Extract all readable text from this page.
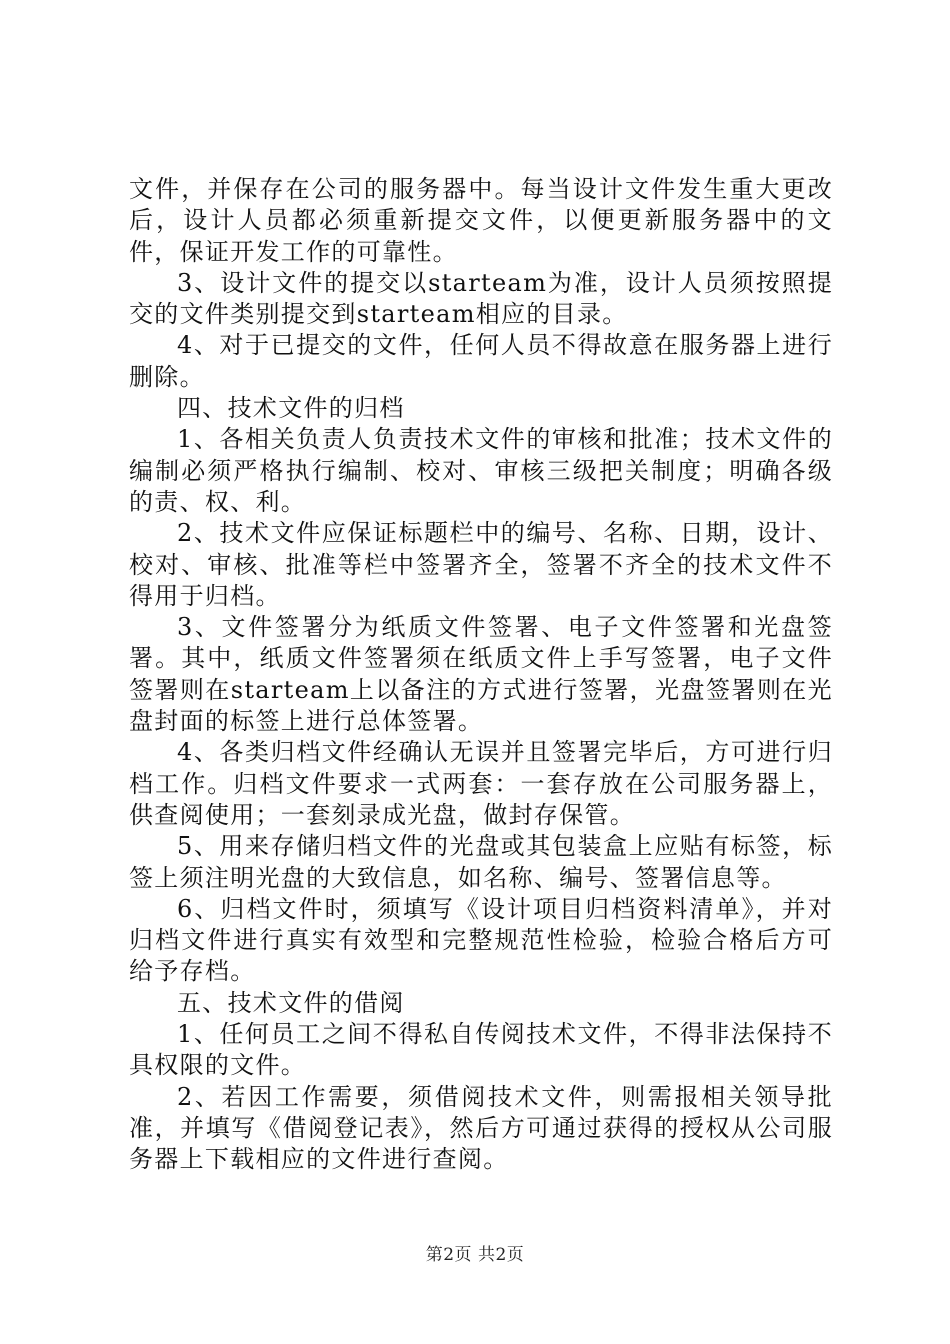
文件，并保存在公司的服务器中。每当设计文件发生重大更改后，设计人员都必须重新提交文件，以便更新服务器中的文件，保证开发工作的可靠性。

3、设计文件的提交以starteam为准，设计人员须按照提交的文件类别提交到starteam相应的目录。

4、对于已提交的文件，任何人员不得故意在服务器上进行删除。

四、技术文件的归档

1、各相关负责人负责技术文件的审核和批准；技术文件的编制必须严格执行编制、校对、审核三级把关制度；明确各级的责、权、利。

2、技术文件应保证标题栏中的编号、名称、日期，设计、校对、审核、批准等栏中签署齐全，签署不齐全的技术文件不得用于归档。

3、文件签署分为纸质文件签署、电子文件签署和光盘签署。其中，纸质文件签署须在纸质文件上手写签署，电子文件签署则在starteam上以备注的方式进行签署，光盘签署则在光盘封面的标签上进行总体签署。

4、各类归档文件经确认无误并且签署完毕后，方可进行归档工作。归档文件要求一式两套：一套存放在公司服务器上，供查阅使用；一套刻录成光盘，做封存保管。

5、用来存储归档文件的光盘或其包装盒上应贴有标签，标签上须注明光盘的大致信息，如名称、编号、签署信息等。

6、归档文件时，须填写《设计项目归档资料清单》，并对归档文件进行真实有效型和完整规范性检验，检验合格后方可给予存档。

五、技术文件的借阅

1、任何员工之间不得私自传阅技术文件，不得非法保持不具权限的文件。

2、若因工作需要，须借阅技术文件，则需报相关领导批准，并填写《借阅登记表》，然后方可通过获得的授权从公司服务器上下载相应的文件进行查阅。

第2页 共2页
